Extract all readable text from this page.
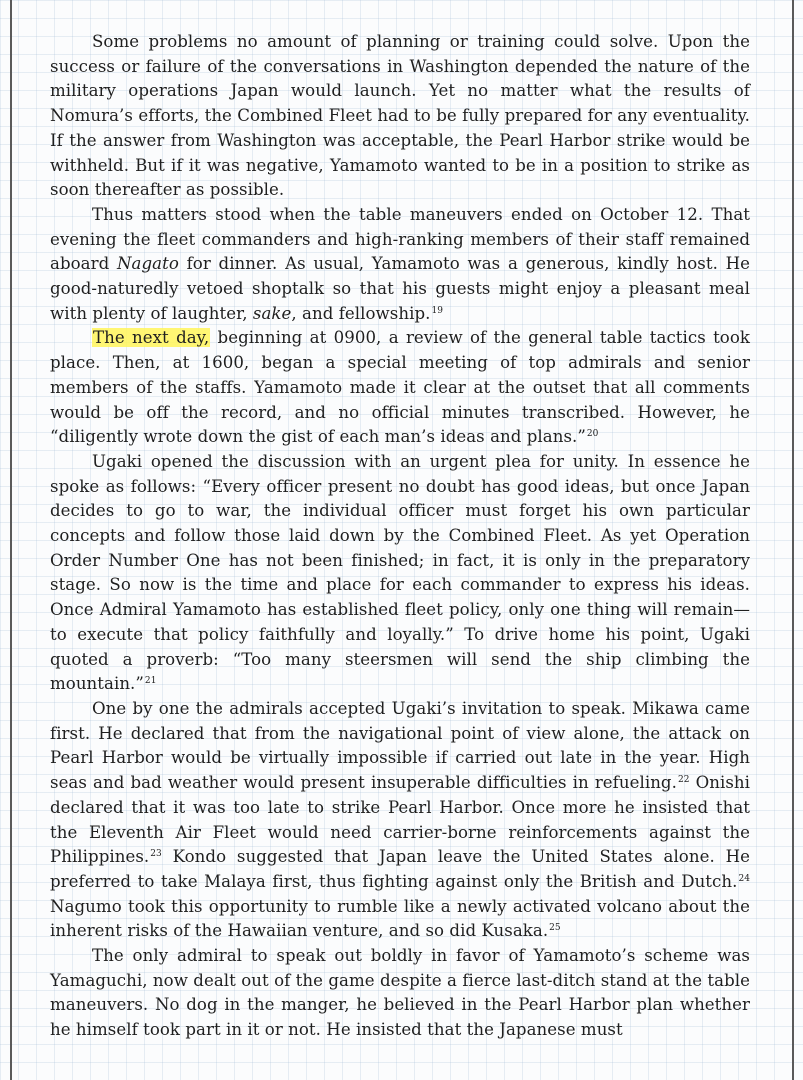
Some problems no amount of planning or training could solve. Upon the success or failure of the conversations in Washington depended the nature of the military operations Japan would launch. Yet no matter what the results of Nomura’s efforts, the Combined Fleet had to be fully prepared for any eventuality. If the answer from Washington was acceptable, the Pearl Harbor strike would be withheld. But if it was negative, Yamamoto wanted to be in a position to strike as soon thereafter as possible.

Thus matters stood when the table maneuvers ended on October 12. That evening the fleet commanders and high-ranking members of their staff remained aboard Nagato for dinner. As usual, Yamamoto was a generous, kindly host. He good-naturedly vetoed shoptalk so that his guests might enjoy a pleasant meal with plenty of laughter, sake, and fellowship.$^{19}$

The next day, beginning at 0900, a review of the general table tactics took place. Then, at 1600, began a special meeting of top admirals and senior members of the staffs. Yamamoto made it clear at the outset that all comments would be off the record, and no official minutes transcribed. However, he “diligently wrote down the gist of each man’s ideas and plans.”$^{20}$

Ugaki opened the discussion with an urgent plea for unity. In essence he spoke as follows: “Every officer present no doubt has good ideas, but once Japan decides to go to war, the individual officer must forget his own particular concepts and follow those laid down by the Combined Fleet. As yet Operation Order Number One has not been finished; in fact, it is only in the preparatory stage. So now is the time and place for each commander to express his ideas. Once Admiral Yamamoto has established fleet policy, only one thing will remain—to execute that policy faithfully and loyally.” To drive home his point, Ugaki quoted a proverb: “Too many steersmen will send the ship climbing the mountain.”$^{21}$

One by one the admirals accepted Ugaki’s invitation to speak. Mikawa came first. He declared that from the navigational point of view alone, the attack on Pearl Harbor would be virtually impossible if carried out late in the year. High seas and bad weather would present insuperable difficulties in refueling.$^{22}$ Onishi declared that it was too late to strike Pearl Harbor. Once more he insisted that the Eleventh Air Fleet would need carrier-borne reinforcements against the Philippines.$^{23}$ Kondo suggested that Japan leave the United States alone. He preferred to take Malaya first, thus fighting against only the British and Dutch.$^{24}$ Nagumo took this opportunity to rumble like a newly activated volcano about the inherent risks of the Hawaiian venture, and so did Kusaka.$^{25}$

The only admiral to speak out boldly in favor of Yamamoto’s scheme was Yamaguchi, now dealt out of the game despite a fierce last-ditch stand at the table maneuvers. No dog in the manger, he believed in the Pearl Harbor plan whether he himself took part in it or not. He insisted that the Japanese must
